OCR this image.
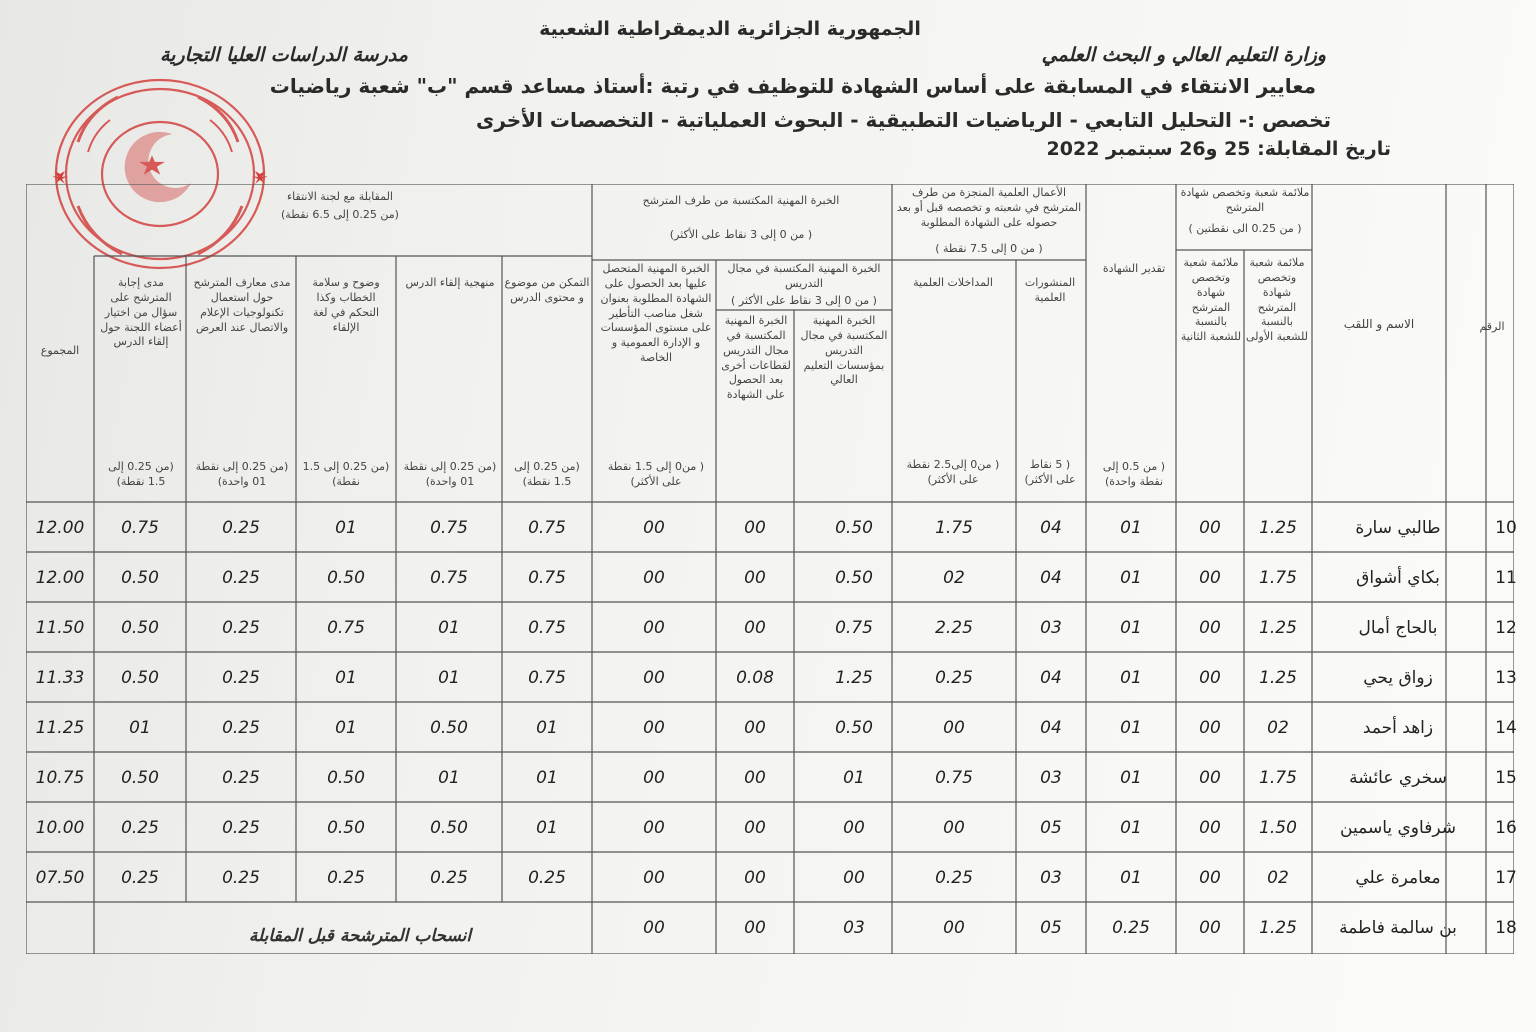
الجمهورية الجزائرية الديمقراطية الشعبية
وزارة التعليم العالي و البحث العلمي
مدرسة الدراسات العليا التجارية
معايير الانتقاء في المسابقة على أساس الشهادة للتوظيف في رتبة :أستاذ مساعد قسم "ب" شعبة رياضيات
تخصص :- التحليل التابعي - الرياضيات التطبيقية - البحوث العملياتية - التخصصات الأخرى
تاريخ المقابلة: 25 و26 سبتمبر 2022
الرقم
الاسم و اللقب
ملائمة شعبة وتخصص شهادة المترشح
( من 0.25 الى نقطتين )
ملائمة شعبة وتخصص شهادة المترشح بالنسبة للشعبة الأولى
ملائمة شعبة وتخصص شهادة المترشح بالنسبة للشعبة الثانية
تقدير الشهادة
( من 0.5 إلى نقطة واحدة)
الأعمال العلمية المنجزة من طرف المترشح في شعبته و تخصصه قبل أو بعد حصوله على الشهادة المطلوبة
( من 0 إلى 7.5 نقطة )
المنشورات العلمية
( 5 نقاط على الأكثر)
المداخلات العلمية
( من0 إلى2.5 نقطة على الأكثر)
الخبرة المهنية المكتسبة من طرف المترشح
( من 0 إلى 3 نقاط على الأكثر)
الخبرة المهنية المكتسبة في مجال التدريس
( من 0 إلى 3 نقاط على الأكثر )
الخبرة المهنية المكتسبة في مجال التدريس بمؤسسات التعليم العالي
الخبرة المهنية المكتسبة في مجال التدريس لقطاعات أخرى بعد الحصول على الشهادة
الخبرة المهنية المتحصل عليها بعد الحصول على الشهادة المطلوبة بعنوان شغل مناصب التأطير على مستوى المؤسسات و الإدارة العمومية و الخاصة
( من0 إلى 1.5 نقطة على الأكثر)
المقابلة مع لجنة الانتقاء
(من 0.25 إلى 6.5 نقطة)
التمكن من موضوع و محتوى الدرس
(من 0.25 إلى 1.5 نقطة)
منهجية إلقاء الدرس
(من 0.25 إلى نقطة 01 واحدة)
وضوح و سلامة الخطاب وكذا التحكم في لغة الإلقاء
(من 0.25 إلى 1.5 نقطة)
مدى معارف المترشح حول استعمال تكنولوجيات الإعلام والاتصال عند العرض
(من 0.25 إلى نقطة 01 واحدة)
مدى إجابة المترشح على سؤال من اختيار أعضاء اللجنة حول إلقاء الدرس
(من 0.25 إلى 1.5 نقطة)
المجموع
10
طالبي سارة
1.25
00
01
04
1.75
0.50
00
00
0.75
0.75
01
0.25
0.75
12.00
11
بكاي أشواق
1.75
00
01
04
02
0.50
00
00
0.75
0.75
0.50
0.25
0.50
12.00
12
بالحاج أمال
1.25
00
01
03
2.25
0.75
00
00
0.75
01
0.75
0.25
0.50
11.50
13
زواق يحي
1.25
00
01
04
0.25
1.25
0.08
00
0.75
01
01
0.25
0.50
11.33
14
زاهد أحمد
02
00
01
04
00
0.50
00
00
01
0.50
01
0.25
01
11.25
15
سخري عائشة
1.75
00
01
03
0.75
01
00
00
01
01
0.50
0.25
0.50
10.75
16
شرفاوي ياسمين
1.50
00
01
05
00
00
00
00
01
0.50
0.50
0.25
0.25
10.00
17
معامرة علي
02
00
01
03
0.25
00
00
00
0.25
0.25
0.25
0.25
0.25
07.50
18
بن سالمة فاطمة
1.25
00
0.25
05
00
03
00
00
انسحاب المترشحة قبل المقابلة
